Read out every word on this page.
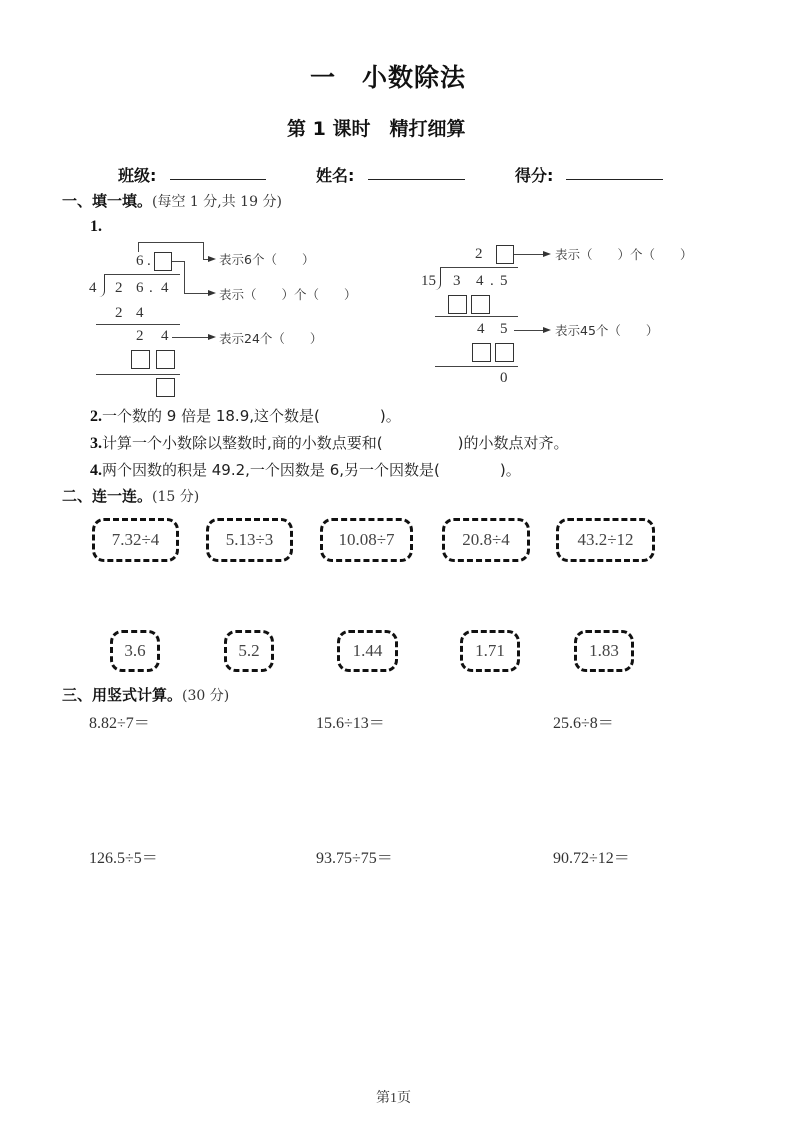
一　小数除法
第 1 课时　精打细算
班级:	姓名:	得分:
一、填一填。(每空 1 分,共 19 分)
1.
表示6个（　　）
6 .
表示（　　）个（　　）
4 2 6 . 4
2 4
2 4	表示24个（　　）
2	表示（　　）个（　　）
15 3 4 . 5
4 5	表示45个（　　）
0
2.一个数的 9 倍是 18.9,这个数是(　　　　)。
3.计算一个小数除以整数时,商的小数点要和(　　　　　)的小数点对齐。
4.两个因数的积是 49.2,一个因数是 6,另一个因数是(　　　　)。
二、连一连。(15 分)
7.32÷4	5.13÷3	10.08÷7	20.8÷4	43.2÷12
3.6	5.2	1.44	1.71	1.83
三、用竖式计算。(30 分)
8.82÷7＝	15.6÷13＝	25.6÷8＝
126.5÷5＝	93.75÷75＝	90.72÷12＝
第1页
